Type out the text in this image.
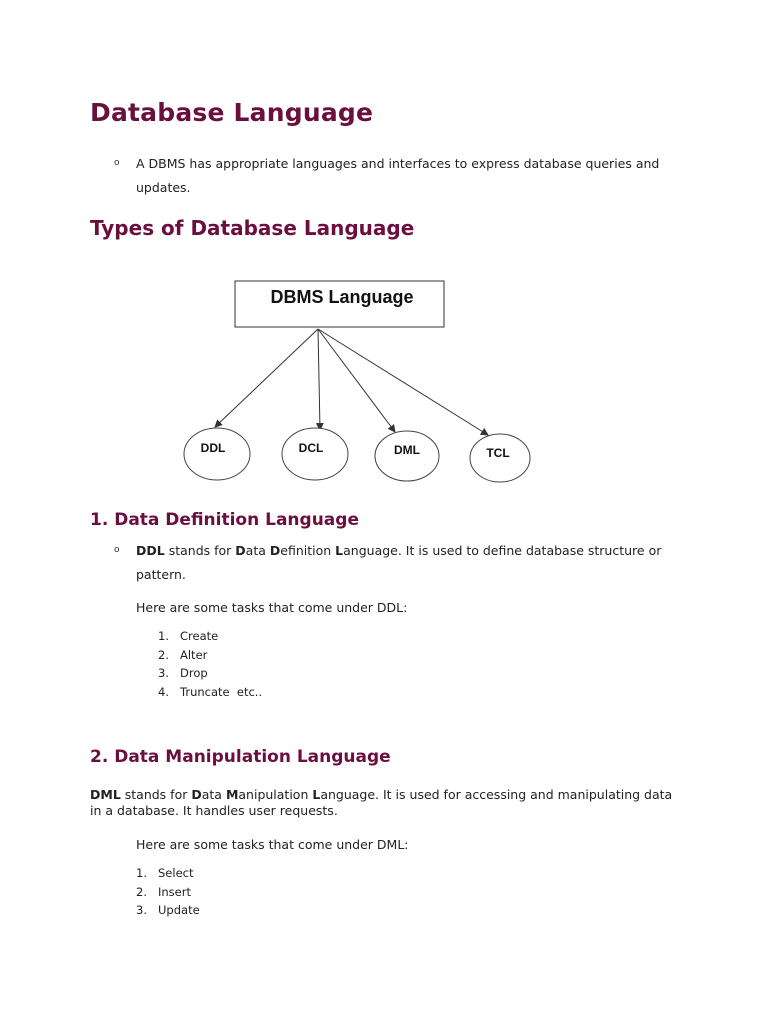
Database Language
o A DBMS has appropriate languages and interfaces to express database queries and
updates.
Types of Database Language
DBMS Language
DDL	DCL	DML	TCL
1. Data Definition Language
o DDL stands for Data Definition Language. It is used to define database structure or
pattern.
Here are some tasks that come under DDL:
1. Create
2. Alter
3. Drop
4. Truncate  etc..
2. Data Manipulation Language
DML stands for Data Manipulation Language. It is used for accessing and manipulating data
in a database. It handles user requests.
Here are some tasks that come under DML:
1. Select
2. Insert
3. Update
